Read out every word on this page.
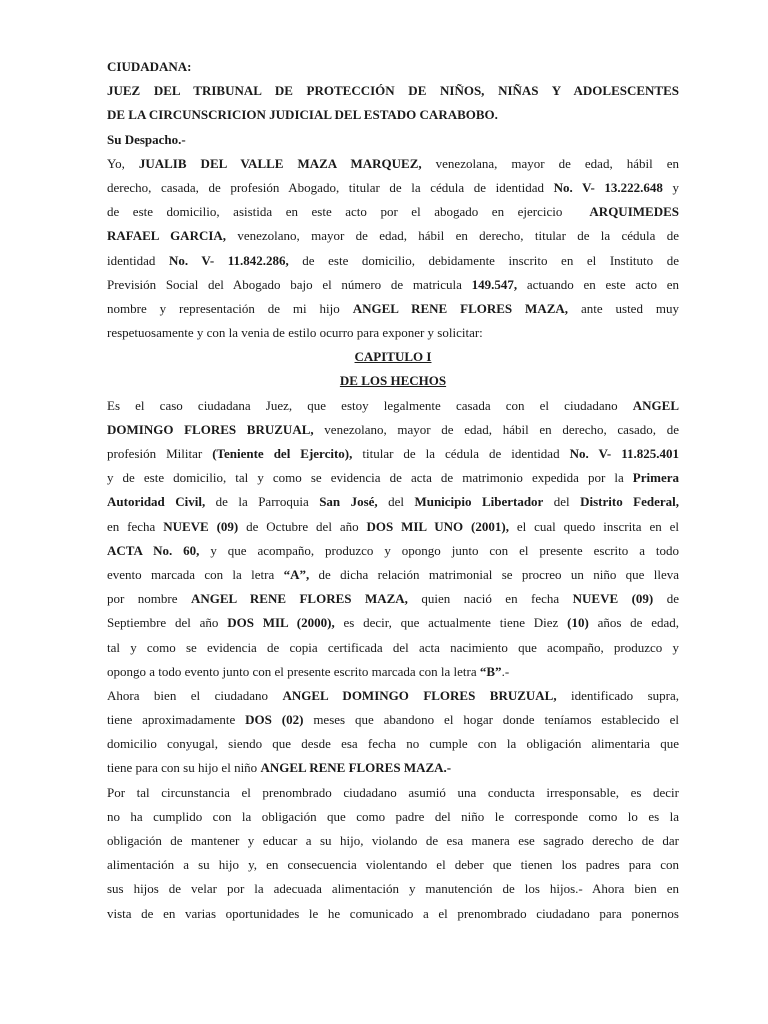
CIUDADANA:
JUEZ DEL TRIBUNAL DE PROTECCIÓN DE NIÑOS, NIÑAS Y ADOLESCENTES
DE LA CIRCUNSCRICION JUDICIAL DEL ESTADO CARABOBO.
Su Despacho.-
Yo, JUALIB DEL VALLE MAZA MARQUEZ, venezolana, mayor de edad, hábil en
derecho, casada, de profesión Abogado, titular de la cédula de identidad No. V- 13.222.648 y
de este domicilio, asistida en este acto por el abogado en ejercicio  ARQUIMEDES
RAFAEL GARCIA, venezolano, mayor de edad, hábil en derecho, titular de la cédula de
identidad No. V- 11.842.286, de este domicilio, debidamente inscrito en el Instituto de
Previsión Social del Abogado bajo el número de matricula 149.547, actuando en este acto en
nombre y representación de mi hijo ANGEL RENE FLORES MAZA, ante usted muy
respetuosamente y con la venia de estilo ocurro para exponer y solicitar:
CAPITULO I
DE LOS HECHOS
Es el caso ciudadana Juez, que estoy legalmente casada con el ciudadano ANGEL
DOMINGO FLORES BRUZUAL, venezolano, mayor de edad, hábil en derecho, casado, de
profesión Militar (Teniente del Ejercito), titular de la cédula de identidad No. V- 11.825.401
y de este domicilio, tal y como se evidencia de acta de matrimonio expedida por la Primera
Autoridad Civil, de la Parroquia San José, del Municipio Libertador del Distrito Federal,
en fecha NUEVE (09) de Octubre del año DOS MIL UNO (2001), el cual quedo inscrita en el
ACTA No. 60, y que acompaño, produzco y opongo junto con el presente escrito a todo
evento marcada con la letra “A”, de dicha relación matrimonial se procreo un niño que lleva
por nombre ANGEL RENE FLORES MAZA, quien nació en fecha NUEVE (09) de
Septiembre del año DOS MIL (2000), es decir, que actualmente tiene Diez (10) años de edad,
tal y como se evidencia de copia certificada del acta nacimiento que acompaño, produzco y
opongo a todo evento junto con el presente escrito marcada con la letra “B”.-
Ahora bien el ciudadano ANGEL DOMINGO FLORES BRUZUAL, identificado supra,
tiene aproximadamente DOS (02) meses que abandono el hogar donde teníamos establecido el
domicilio conyugal, siendo que desde esa fecha no cumple con la obligación alimentaria que
tiene para con su hijo el niño ANGEL RENE FLORES MAZA.-
Por tal circunstancia el prenombrado ciudadano asumió una conducta irresponsable, es decir
no ha cumplido con la obligación que como padre del niño le corresponde como lo es la
obligación de mantener y educar a su hijo, violando de esa manera ese sagrado derecho de dar
alimentación a su hijo y, en consecuencia violentando el deber que tienen los padres para con
sus hijos de velar por la adecuada alimentación y manutención de los hijos.- Ahora bien en
vista de en varias oportunidades le he comunicado a el prenombrado ciudadano para ponernos
